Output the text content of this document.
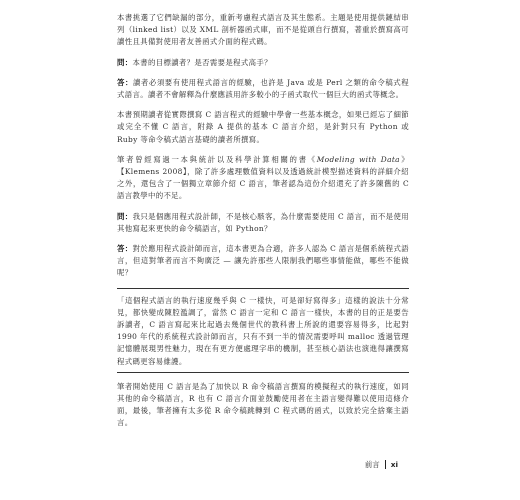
本書挑選了它們缺漏的部分，重新考慮程式語言及其生態系。主題是使用提供鏈結串列（linked list）以及 XML 剖析器函式庫，而不是從頭自行撰寫，著重於撰寫高可讀性且具備對使用者友善函式介面的程式碼。

問：本書的目標讀者？是否需要是程式高手？

答：讀者必須要有使用程式語言的經驗，也許是 Java 或是 Perl 之類的命令稿式程式語言。讀者不會解釋為什麼應該用許多較小的子函式取代一個巨大的函式等概念。

本書預期讀者從實際撰寫 C 語言程式的經驗中學會一些基本概念，如果已經忘了細節或完全不懂 C 語言，附錄 A 提供的基本 C 語言介紹，是針對只有 Python 或 Ruby 等命令稿式語言基礎的讀者所撰寫。

筆者曾經寫過一本與統計以及科學計算相關的書《Modeling with Data》【Klemens 2008】，除了許多處理數值資料以及透過統計模型描述資料的詳細介紹之外，還包含了一個獨立章節介紹 C 語言，筆者認為這份介紹還充了許多陳舊的 C 語言教學中的不足。

問：我只是個應用程式設計師，不是核心駭客，為什麼需要使用 C 語言，而不是使用其他寫起來更快的命令稿語言，如 Python？

答：對於應用程式設計師而言，這本書更為合適，許多人認為 C 語言是個系統程式語言，但這對筆者而言不夠廣泛 — 讓先許那些人限制我們哪些事情能做，哪些不能做呢？

「這個程式語言的執行速度幾乎與 C 一樣快，可是卻好寫得多」這樣的說法十分常見，都快變成陳腔濫調了，當然 C 語言一定和 C 語言一樣快，本書的目的正是要告訴讀者，C 語言寫起來比起過去幾個世代的教科書上所說的還要容易得多，比起對 1990 年代的系統程式設計師而言，只有不到一半的情況需要呼叫 malloc 透過管理記憶體展現男性魅力，現在有更方便處理字串的機制，甚至核心語法也演進得讓撰寫程式碼更容易維護。

筆者開始使用 C 語言是為了加快以 R 命令稿語言撰寫的模擬程式的執行速度，如同其他的命令稿語言，R 也有 C 語言介面並鼓勵使用者在主語言變得難以使用這條介面，最後，筆者擁有太多從 R 命令稿跳轉到 C 程式碼的函式，以致於完全捨棄主語言。

前言 xi
